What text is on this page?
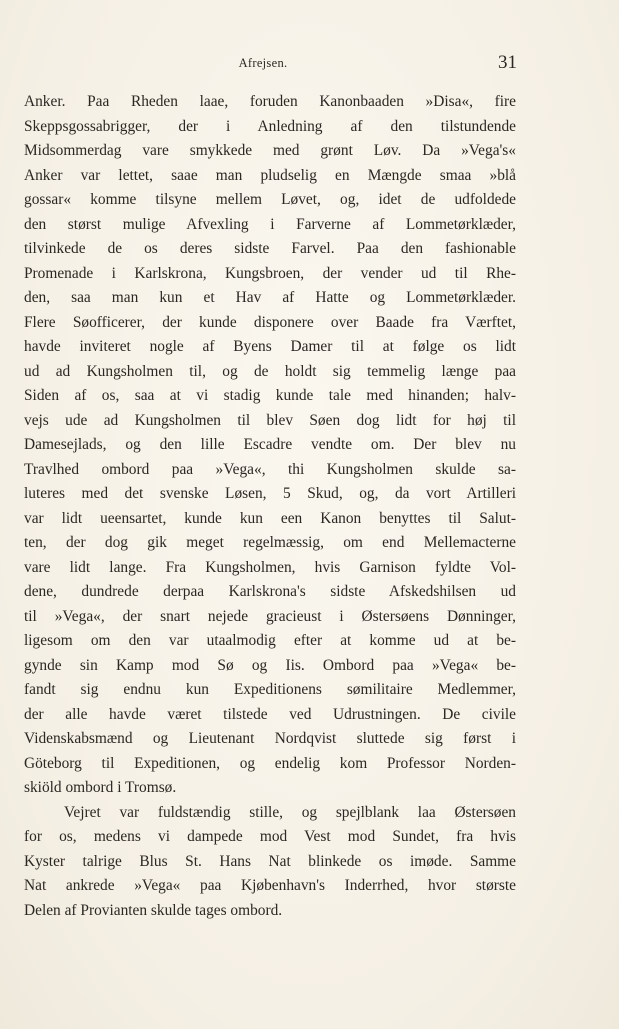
Afrejsen.	31
Anker. Paa Rheden laae, foruden Kanonbaaden »Disa«, fire
Skeppsgossabrigger, der i Anledning af den tilstundende
Midsommerdag vare smykkede med grønt Løv. Da »Vega's«
Anker var lettet, saae man pludselig en Mængde smaa »blå
gossar« komme tilsyne mellem Løvet, og, idet de udfoldede
den størst mulige Afvexling i Farverne af Lommetørklæder,
tilvinkede de os deres sidste Farvel. Paa den fashionable
Promenade i Karlskrona, Kungsbroen, der vender ud til Rhe-
den, saa man kun et Hav af Hatte og Lommetørklæder.
Flere Søofficerer, der kunde disponere over Baade fra Værftet,
havde inviteret nogle af Byens Damer til at følge os lidt
ud ad Kungsholmen til, og de holdt sig temmelig længe paa
Siden af os, saa at vi stadig kunde tale med hinanden; halv-
vejs ude ad Kungsholmen til blev Søen dog lidt for høj til
Damesejlads, og den lille Escadre vendte om. Der blev nu
Travlhed ombord paa »Vega«, thi Kungsholmen skulde sa-
luteres med det svenske Løsen, 5 Skud, og, da vort Artilleri
var lidt ueensartet, kunde kun een Kanon benyttes til Salut-
ten, der dog gik meget regelmæssig, om end Mellemacterne
vare lidt lange. Fra Kungsholmen, hvis Garnison fyldte Vol-
dene, dundrede derpaa Karlskrona's sidste Afskedshilsen ud
til »Vega«, der snart nejede gracieust i Østersøens Dønninger,
ligesom om den var utaalmodig efter at komme ud at be-
gynde sin Kamp mod Sø og Iis. Ombord paa »Vega« be-
fandt sig endnu kun Expeditionens sømilitaire Medlemmer,
der alle havde været tilstede ved Udrustningen. De civile
Videnskabsmænd og Lieutenant Nordqvist sluttede sig først i
Göteborg til Expeditionen, og endelig kom Professor Norden-
skiöld ombord i Tromsø.
Vejret var fuldstændig stille, og spejlblank laa Østersøen
for os, medens vi dampede mod Vest mod Sundet, fra hvis
Kyster talrige Blus St. Hans Nat blinkede os imøde. Samme
Nat ankrede »Vega« paa Kjøbenhavn's Inderrhed, hvor største
Delen af Provianten skulde tages ombord.
